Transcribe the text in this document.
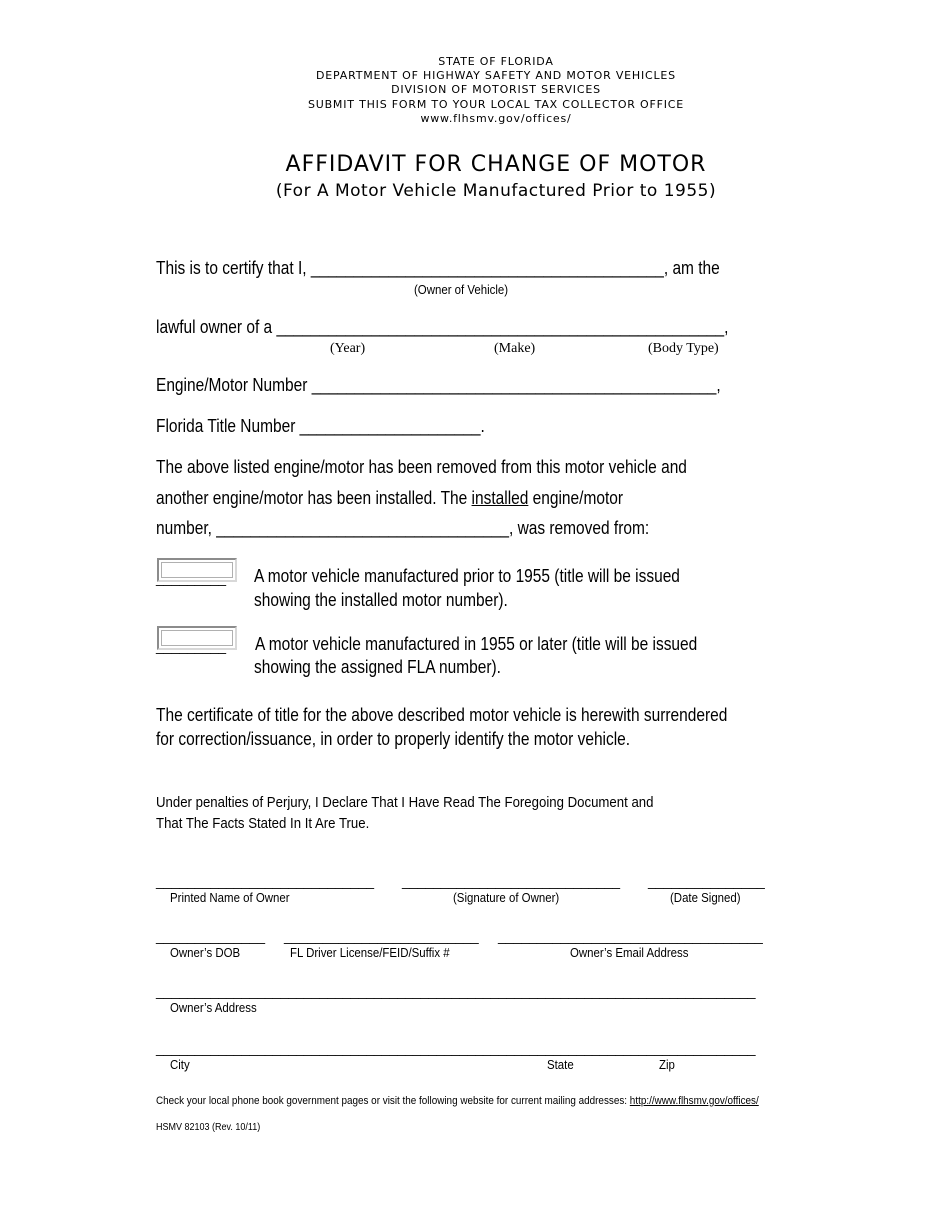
STATE OF FLORIDA
DEPARTMENT OF HIGHWAY SAFETY AND MOTOR VEHICLES
DIVISION OF MOTORIST SERVICES
SUBMIT THIS FORM TO YOUR LOCAL TAX COLLECTOR OFFICE
www.flhsmv.gov/offices/
AFFIDAVIT FOR CHANGE OF MOTOR
(For A Motor Vehicle Manufactured Prior to 1955)
This is to certify that I, _________________________________________, am the
(Owner of Vehicle)
lawful owner of a ____________________________________________________,
(Year)	(Make)	(Body Type)
Engine/Motor Number _______________________________________________,
Florida Title Number _____________________.
The above listed engine/motor has been removed from this motor vehicle and
another engine/motor has been installed. The installed engine/motor
number, __________________________________, was removed from:
_________ A motor vehicle manufactured prior to 1955 (title will be issued
showing the installed motor number).
_________ A motor vehicle manufactured in 1955 or later (title will be issued
showing the assigned FLA number).
The certificate of title for the above described motor vehicle is herewith surrendered
for correction/issuance, in order to properly identify the motor vehicle.
Under penalties of Perjury, I Declare That I Have Read The Foregoing Document and
That The Facts Stated In It Are True.
____________________________ ____________________________ _______________
Printed Name of Owner	(Signature of Owner)	(Date Signed)
______________ _________________________ __________________________________
Owner’s DOB	FL Driver License/FEID/Suffix #	Owner’s Email Address
_____________________________________________________________________________
Owner’s Address
_____________________________________________________________________________
City	State	Zip
Check your local phone book government pages or visit the following website for current mailing addresses: http://www.flhsmv.gov/offices/
HSMV 82103 (Rev. 10/11)
